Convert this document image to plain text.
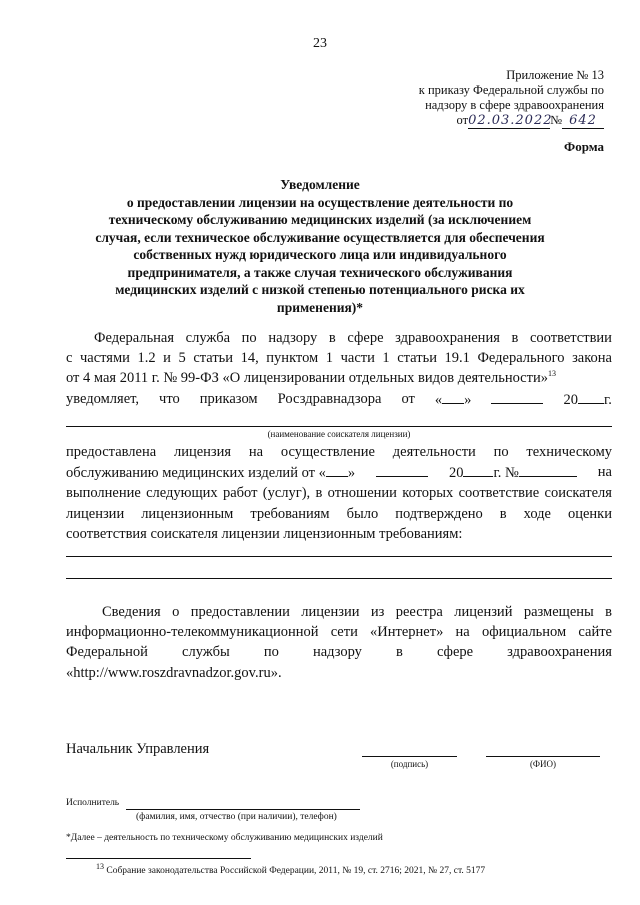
23
Приложение № 13
к приказу Федеральной службы по
надзору в сфере здравоохранения
от02.03.2022№ 642
Форма
Уведомление
о предоставлении лицензии на осуществление деятельности по
техническому обслуживанию медицинских изделий (за исключением
случая, если техническое обслуживание осуществляется для обеспечения
собственных нужд юридического лица или индивидуального
предпринимателя, а также случая технического обслуживания
медицинских изделий с низкой степенью потенциального риска их
применения)*
Федеральная служба по надзору в сфере здравоохранения в соответствии
с частями 1.2 и 5 статьи 14, пунктом 1 части 1 статьи 19.1 Федерального закона
от 4 мая 2011 г. № 99-ФЗ «О лицензировании отдельных видов деятельности»$^{13}$
уведомляет, что приказом Росздравнадзора от « »	20 г.
(наименование соискателя лицензии)
предоставлена лицензия на осуществление деятельности по техническому
обслуживанию медицинских изделий от « »	20 г. №	на
выполнение следующих работ (услуг), в отношении которых соответствие соискателя
лицензии лицензионным требованиям было подтверждено в ходе оценки
соответствия соискателя лицензии лицензионным требованиям:
Сведения о предоставлении лицензии из реестра лицензий размещены в
информационно-телекоммуникационной сети «Интернет» на официальном сайте
Федеральной службы по надзору в сфере здравоохранения
«http://www.roszdravnadzor.gov.ru».
Начальник Управления
(подпись)	(ФИО)
Исполнитель
(фамилия, имя, отчество (при наличии), телефон)
*Далее – деятельность по техническому обслуживанию медицинских изделий
$^{13}$ Собрание законодательства Российской Федерации, 2011, № 19, ст. 2716; 2021, № 27, ст. 5177
